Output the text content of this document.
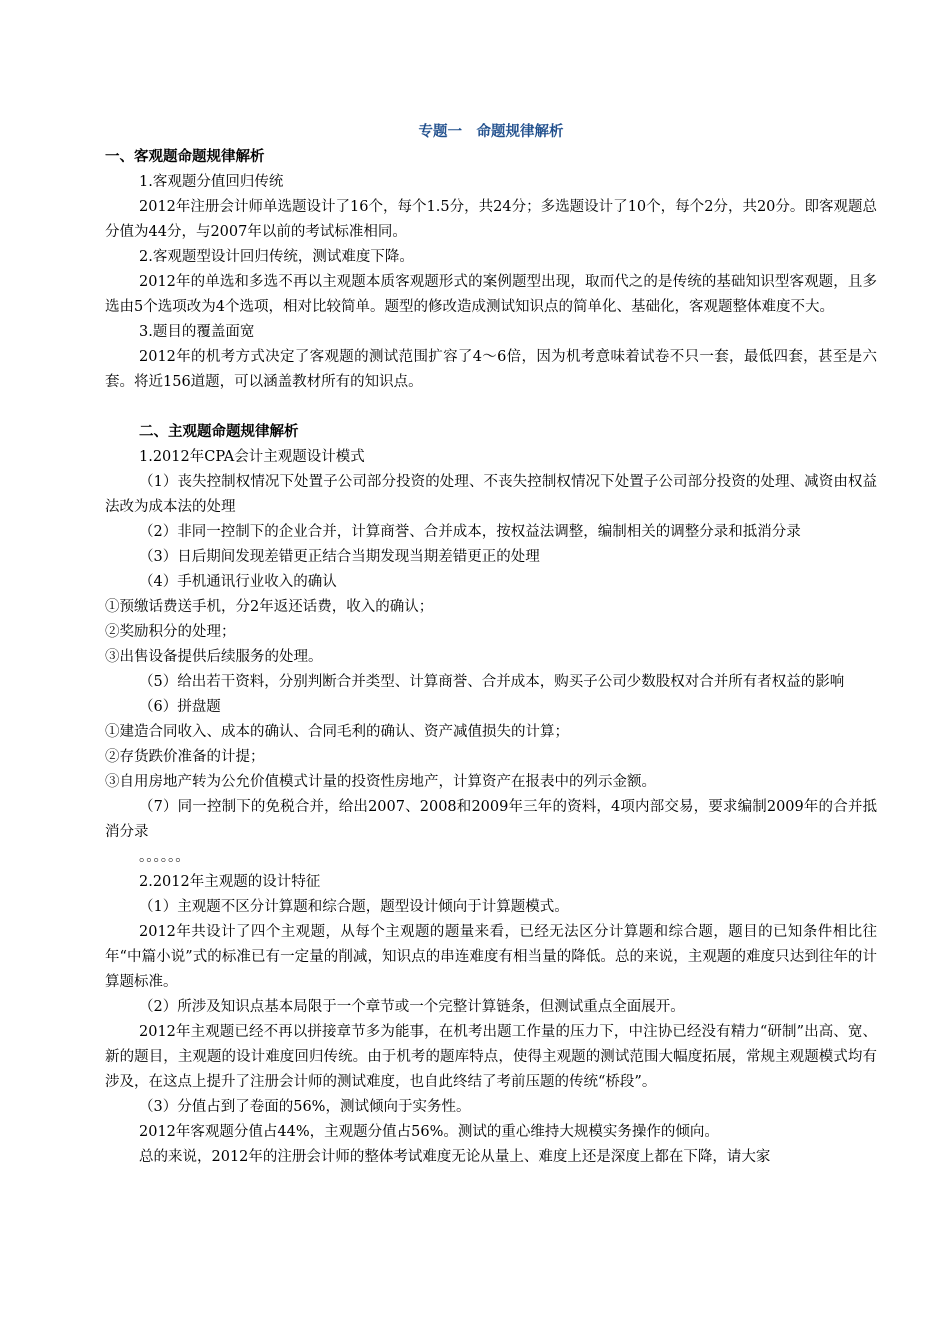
专题一　命题规律解析
一、客观题命题规律解析

1.客观题分值回归传统

2012年注册会计师单选题设计了16个，每个1.5分，共24分；多选题设计了10个，每个2分，共20分。即客观题总分值为44分，与2007年以前的考试标准相同。

2.客观题型设计回归传统，测试难度下降。

2012年的单选和多选不再以主观题本质客观题形式的案例题型出现，取而代之的是传统的基础知识型客观题，且多选由5个选项改为4个选项，相对比较简单。题型的修改造成测试知识点的简单化、基础化，客观题整体难度不大。

3.题目的覆盖面宽

2012年的机考方式决定了客观题的测试范围扩容了4～6倍，因为机考意味着试卷不只一套，最低四套，甚至是六套。将近156道题，可以涵盖教材所有的知识点。

二、主观题命题规律解析

1.2012年CPA会计主观题设计模式

（1）丧失控制权情况下处置子公司部分投资的处理、不丧失控制权情况下处置子公司部分投资的处理、减资由权益法改为成本法的处理

（2）非同一控制下的企业合并，计算商誉、合并成本，按权益法调整，编制相关的调整分录和抵消分录

（3）日后期间发现差错更正结合当期发现当期差错更正的处理

（4）手机通讯行业收入的确认

①预缴话费送手机，分2年返还话费，收入的确认；

②奖励积分的处理；

③出售设备提供后续服务的处理。

（5）给出若干资料，分别判断合并类型、计算商誉、合并成本，购买子公司少数股权对合并所有者权益的影响

（6）拼盘题

①建造合同收入、成本的确认、合同毛利的确认、资产减值损失的计算；

②存货跌价准备的计提；

③自用房地产转为公允价值模式计量的投资性房地产，计算资产在报表中的列示金额。

（7）同一控制下的免税合并，给出2007、2008和2009年三年的资料，4项内部交易，要求编制2009年的合并抵消分录

。。。。。。

2.2012年主观题的设计特征

（1）主观题不区分计算题和综合题，题型设计倾向于计算题模式。

2012年共设计了四个主观题，从每个主观题的题量来看，已经无法区分计算题和综合题，题目的已知条件相比往年“中篇小说”式的标准已有一定量的削减，知识点的串连难度有相当量的降低。总的来说，主观题的难度只达到往年的计算题标准。

（2）所涉及知识点基本局限于一个章节或一个完整计算链条，但测试重点全面展开。

2012年主观题已经不再以拼接章节多为能事，在机考出题工作量的压力下，中注协已经没有精力“研制”出高、宽、新的题目，主观题的设计难度回归传统。由于机考的题库特点，使得主观题的测试范围大幅度拓展，常规主观题模式均有涉及，在这点上提升了注册会计师的测试难度，也自此终结了考前压题的传统“桥段”。

（3）分值占到了卷面的56%，测试倾向于实务性。

2012年客观题分值占44%，主观题分值占56%。测试的重心维持大规模实务操作的倾向。

总的来说，2012年的注册会计师的整体考试难度无论从量上、难度上还是深度上都在下降，请大家
